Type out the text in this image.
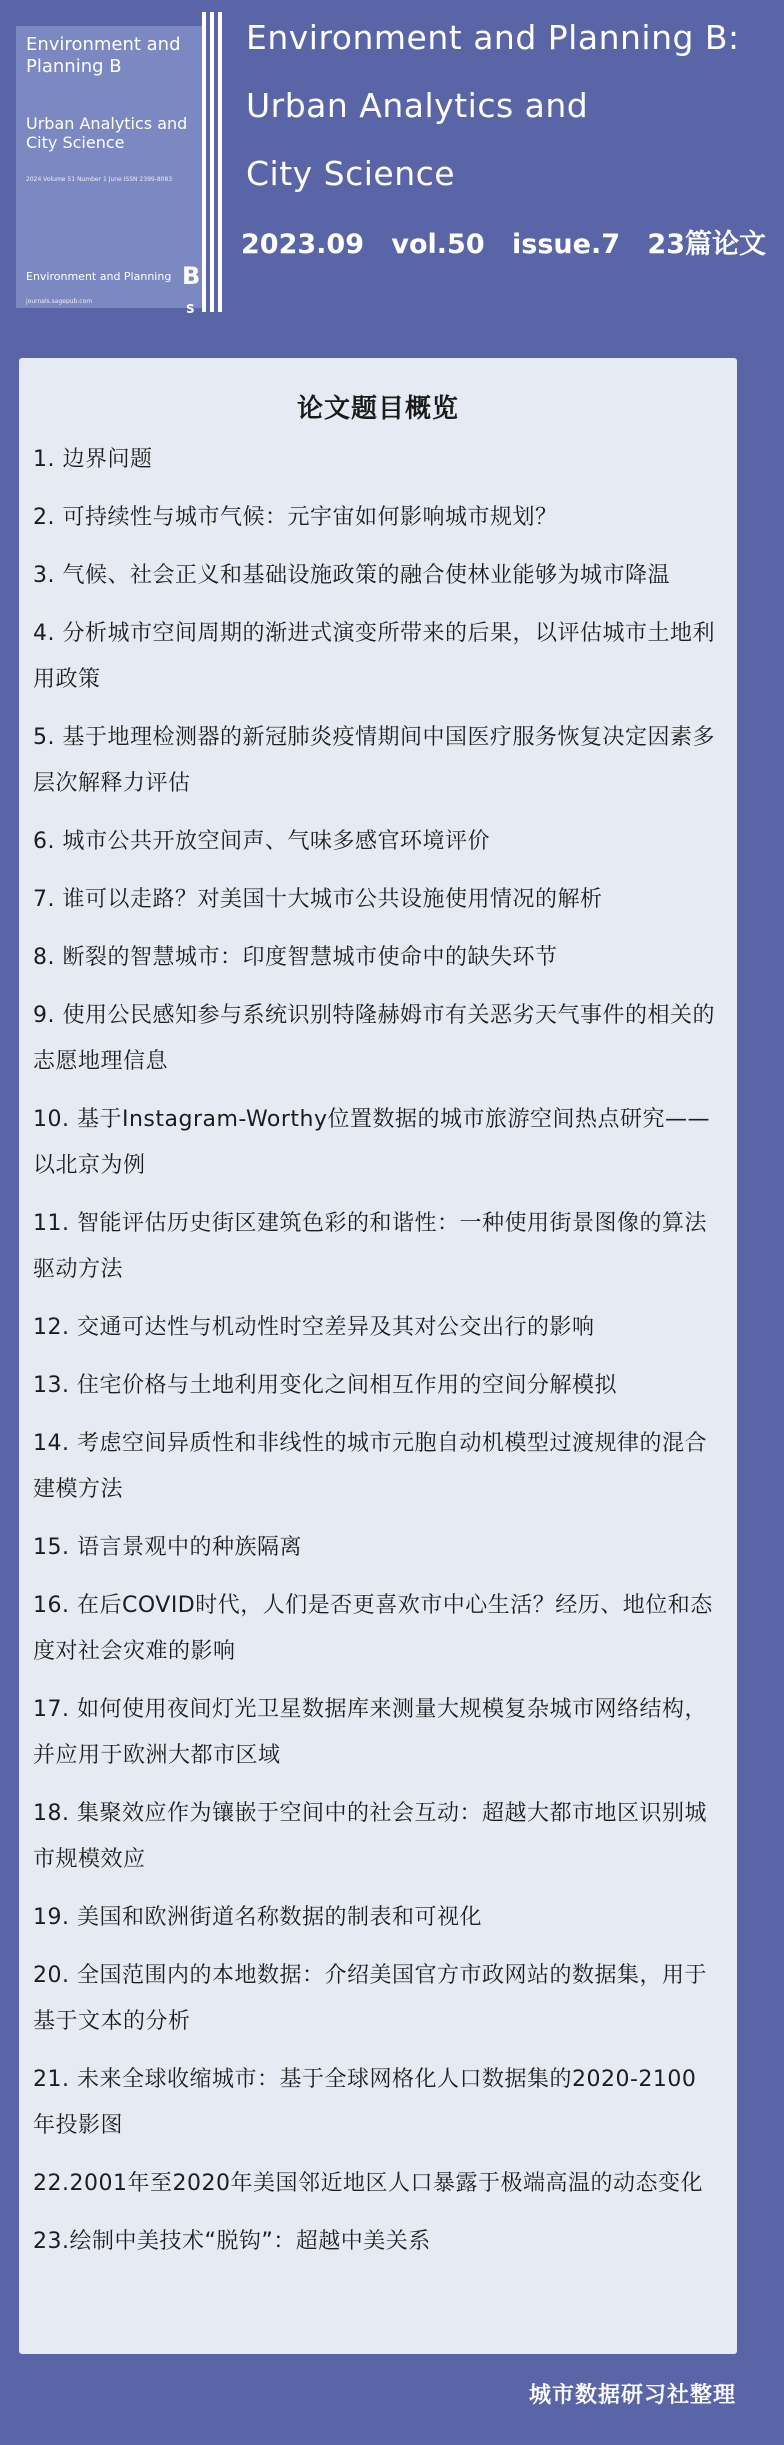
Environment and Planning B
Urban Analytics and City Science
2024 Volume 51 Number 1 June ISSN 2399-8083
Environment and Planning B
journals.sagepub.com
S
Environment and Planning B:
Urban Analytics and
City Science
2023.09 vol.50 issue.7 23篇论文
论文题目概览
1. 边界问题
2. 可持续性与城市气候：元宇宙如何影响城市规划？
3. 气候、社会正义和基础设施政策的融合使林业能够为城市降温
4. 分析城市空间周期的渐进式演变所带来的后果，以评估城市土地利用政策
5. 基于地理检测器的新冠肺炎疫情期间中国医疗服务恢复决定因素多层次解释力评估
6. 城市公共开放空间声、气味多感官环境评价
7. 谁可以走路？对美国十大城市公共设施使用情况的解析
8. 断裂的智慧城市：印度智慧城市使命中的缺失环节
9. 使用公民感知参与系统识别特隆赫姆市有关恶劣天气事件的相关的志愿地理信息
10. 基于Instagram-Worthy位置数据的城市旅游空间热点研究——以北京为例
11. 智能评估历史街区建筑色彩的和谐性：一种使用街景图像的算法驱动方法
12. 交通可达性与机动性时空差异及其对公交出行的影响
13. 住宅价格与土地利用变化之间相互作用的空间分解模拟
14. 考虑空间异质性和非线性的城市元胞自动机模型过渡规律的混合建模方法
15. 语言景观中的种族隔离
16. 在后COVID时代，人们是否更喜欢市中心生活？经历、地位和态度对社会灾难的影响
17. 如何使用夜间灯光卫星数据库来测量大规模复杂城市网络结构，并应用于欧洲大都市区域
18. 集聚效应作为镶嵌于空间中的社会互动：超越大都市地区识别城市规模效应
19. 美国和欧洲街道名称数据的制表和可视化
20. 全国范围内的本地数据：介绍美国官方市政网站的数据集，用于基于文本的分析
21. 未来全球收缩城市：基于全球网格化人口数据集的2020-2100年投影图
22.2001年至2020年美国邻近地区人口暴露于极端高温的动态变化
23.绘制中美技术“脱钩”：超越中美关系
城市数据研习社整理
